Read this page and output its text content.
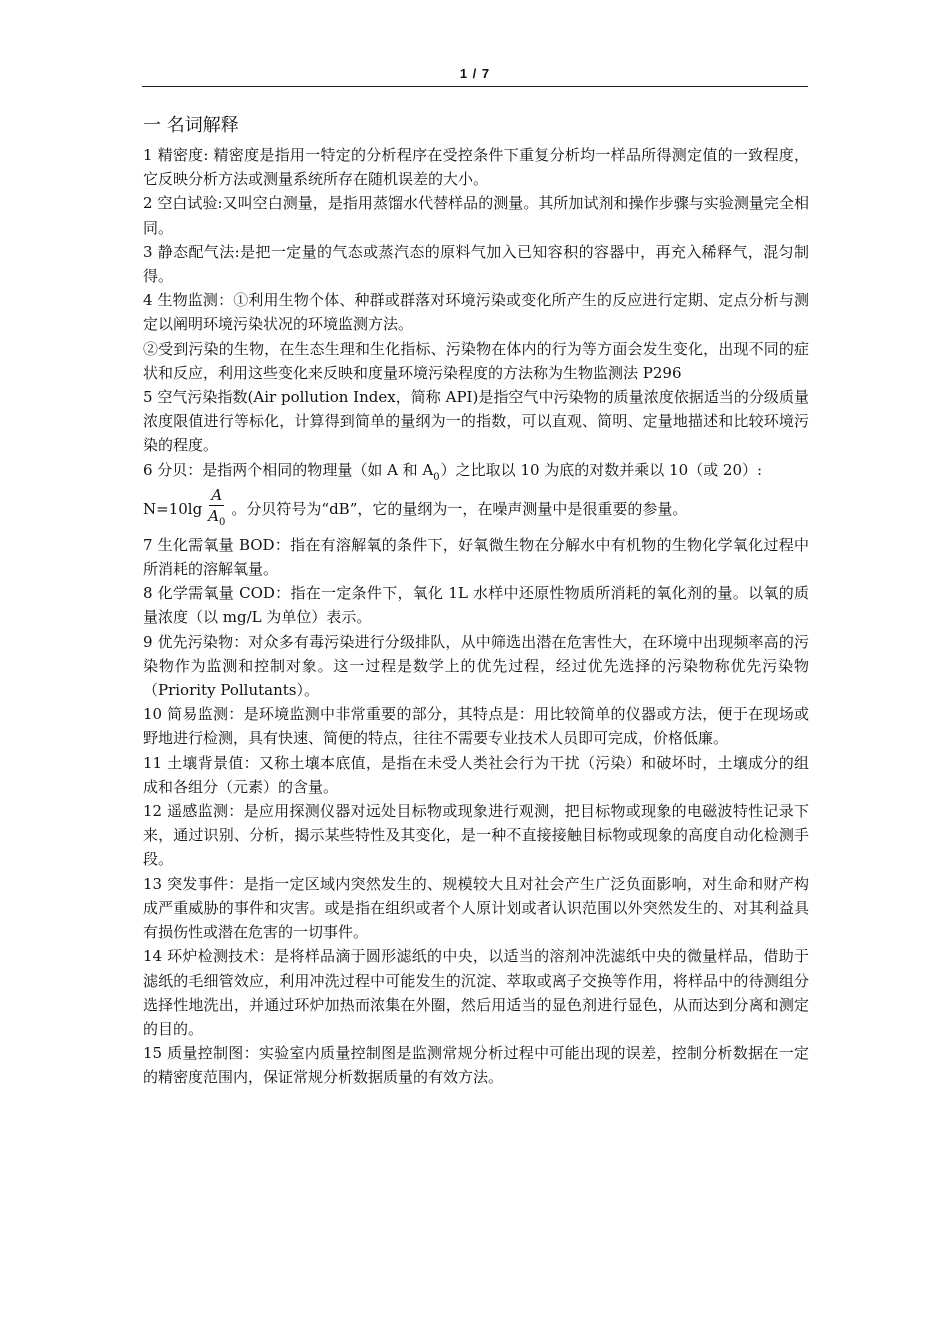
1 / 7
一 名词解释

1 精密度: 精密度是指用一特定的分析程序在受控条件下重复分析均一样品所得测定值的一致程度，它反映分析方法或测量系统所存在随机误差的大小。

2 空白试验:又叫空白测量，是指用蒸馏水代替样品的测量。其所加试剂和操作步骤与实验测量完全相同。

3 静态配气法:是把一定量的气态或蒸汽态的原料气加入已知容积的容器中，再充入稀释气，混匀制得。

4 生物监测：①利用生物个体、种群或群落对环境污染或变化所产生的反应进行定期、定点分析与测定以阐明环境污染状况的环境监测方法。

②受到污染的生物，在生态生理和生化指标、污染物在体内的行为等方面会发生变化，出现不同的症状和反应，利用这些变化来反映和度量环境污染程度的方法称为生物监测法 P296

5 空气污染指数(Air pollution Index，简称 API)是指空气中污染物的质量浓度依据适当的分级质量浓度限值进行等标化，计算得到简单的量纲为一的指数，可以直观、简明、定量地描述和比较环境污染的程度。

6 分贝：是指两个相同的物理量（如 A 和 $A_0$）之比取以 10 为底的对数并乘以 10（或 20）:

$N=10\lg \frac{A}{A_0}$ 。分贝符号为“dB”，它的量纲为一，在噪声测量中是很重要的参量。

7 生化需氧量 BOD：指在有溶解氧的条件下，好氧微生物在分解水中有机物的生物化学氧化过程中所消耗的溶解氧量。

8 化学需氧量 COD：指在一定条件下，氧化 1L 水样中还原性物质所消耗的氧化剂的量。以氧的质量浓度（以 mg/L 为单位）表示。

9 优先污染物：对众多有毒污染进行分级排队，从中筛选出潜在危害性大，在环境中出现频率高的污染物作为监测和控制对象。这一过程是数学上的优先过程，经过优先选择的污染物称优先污染物（Priority Pollutants）。

10 简易监测：是环境监测中非常重要的部分，其特点是：用比较简单的仪器或方法，便于在现场或野地进行检测，具有快速、简便的特点，往往不需要专业技术人员即可完成，价格低廉。

11 土壤背景值：又称土壤本底值，是指在未受人类社会行为干扰（污染）和破坏时，土壤成分的组成和各组分（元素）的含量。

12 遥感监测：是应用探测仪器对远处目标物或现象进行观测，把目标物或现象的电磁波特性记录下来，通过识别、分析，揭示某些特性及其变化，是一种不直接接触目标物或现象的高度自动化检测手段。

13 突发事件：是指一定区域内突然发生的、规模较大且对社会产生广泛负面影响，对生命和财产构成严重威胁的事件和灾害。或是指在组织或者个人原计划或者认识范围以外突然发生的、对其利益具有损伤性或潜在危害的一切事件。

14 环炉检测技术：是将样品滴于圆形滤纸的中央，以适当的溶剂冲洗滤纸中央的微量样品，借助于滤纸的毛细管效应，利用冲洗过程中可能发生的沉淀、萃取或离子交换等作用，将样品中的待测组分选择性地洗出，并通过环炉加热而浓集在外圈，然后用适当的显色剂进行显色，从而达到分离和测定的目的。

15 质量控制图：实验室内质量控制图是监测常规分析过程中可能出现的误差，控制分析数据在一定的精密度范围内，保证常规分析数据质量的有效方法。
